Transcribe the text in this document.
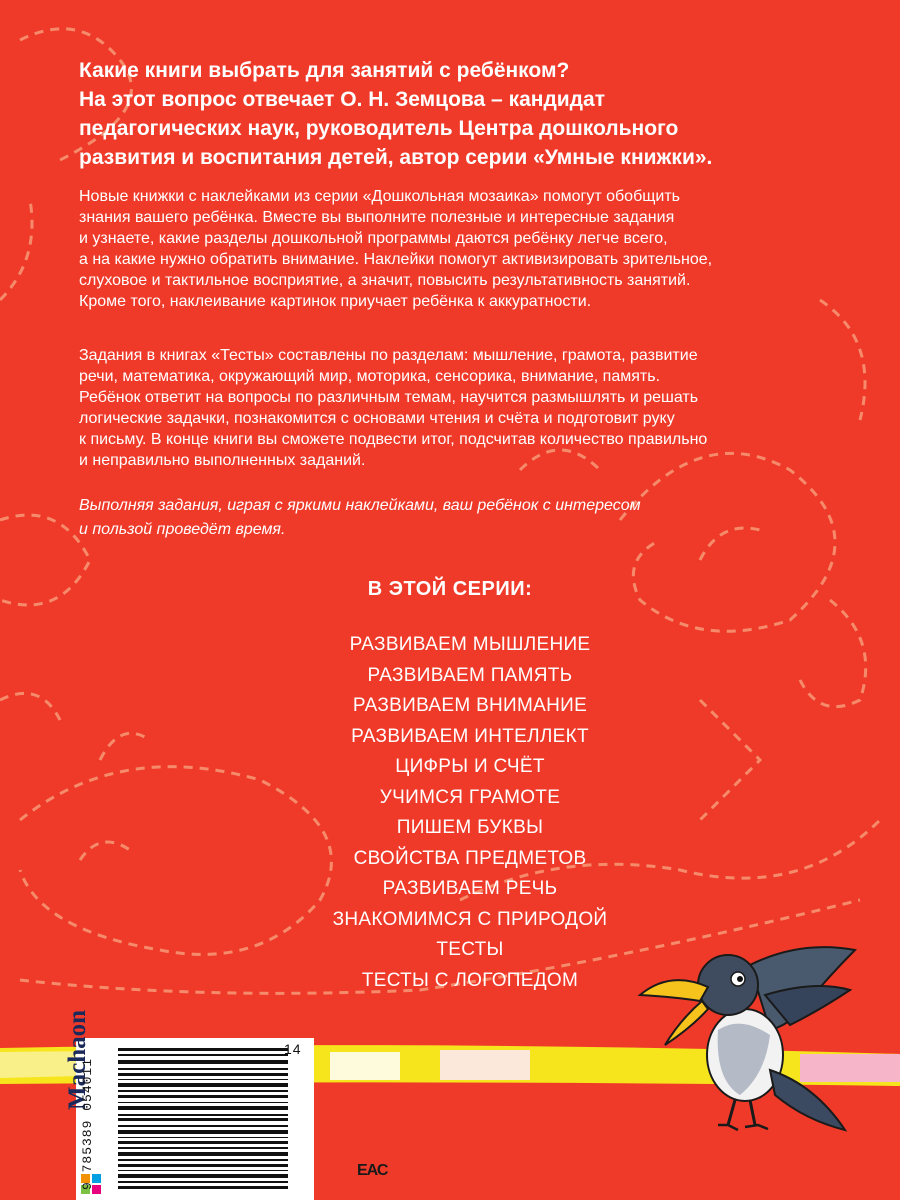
Какие книги выбрать для занятий с ребёнком?
На этот вопрос отвечает О. Н. Земцова – кандидат
педагогических наук, руководитель Центра дошкольного
развития и воспитания детей, автор серии «Умные книжки».
Новые книжки с наклейками из серии «Дошкольная мозаика» помогут обобщить
знания вашего ребёнка. Вместе вы выполните полезные и интересные задания
и узнаете, какие разделы дошкольной программы даются ребёнку легче всего,
а на какие нужно обратить внимание. Наклейки помогут активизировать зрительное,
слуховое и тактильное восприятие, а значит, повысить результативность занятий.
Кроме того, наклеивание картинок приучает ребёнка к аккуратности.
Задания в книгах «Тесты» составлены по разделам: мышление, грамота, развитие
речи, математика, окружающий мир, моторика, сенсорика, внимание, память.
Ребёнок ответит на вопросы по различным темам, научится размышлять и решать
логические задачки, познакомится с основами чтения и счёта и подготовит руку
к письму. В конце книги вы сможете подвести итог, подсчитав количество правильно
и неправильно выполненных заданий.
Выполняя задания, играя с яркими наклейками, ваш ребёнок с интересом
и пользой проведёт время.
В ЭТОЙ СЕРИИ:
РАЗВИВАЕМ МЫШЛЕНИЕ
РАЗВИВАЕМ ПАМЯТЬ
РАЗВИВАЕМ ВНИМАНИЕ
РАЗВИВАЕМ ИНТЕЛЛЕКТ
ЦИФРЫ И СЧЁТ
УЧИМСЯ ГРАМОТЕ
ПИШЕМ БУКВЫ
СВОЙСТВА ПРЕДМЕТОВ
РАЗВИВАЕМ РЕЧЬ
ЗНАКОМИМСЯ С ПРИРОДОЙ
ТЕСТЫ
ТЕСТЫ С ЛОГОПЕДОМ
Machaon	14
9 785389 054011	ЕАС
